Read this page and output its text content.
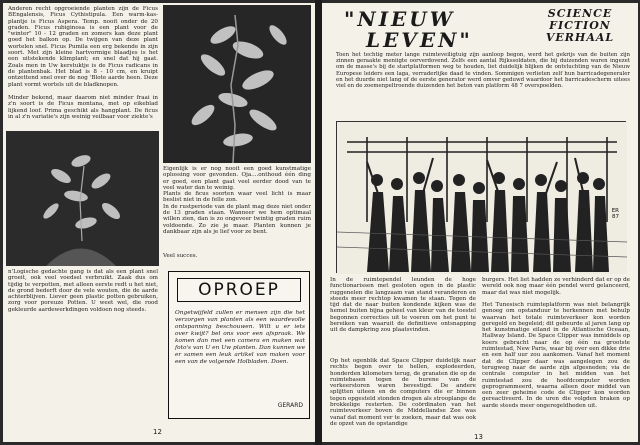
Anderen recht opgroeiende planten zijn de Ficus BEngalensis, Ficus Cythistipula. Een warm-kas-plantje is Ficus Aspera. Temp. nooit onder de 20 graden. Ficus rubiginosa is een plant voor de "winter" 10 - 12 graden en zomers kan deze plant goed het balkon op. De twijgen van deze plant wortelen snel. Ficus Pumila een erg bekende in zijn soort. Met zijn kleine hartvormige blaadjes is het een uitstekende klimplant; en snel dat hij gaat. Zoals men in Uw kerstuktje is de Ficus radicans in de plantenbak. Het blad is 8 - 10 cm, en kruipt ontzettend snel over de nog 'Blote aarde heen. Deze plant vormt wortels uit de bladknopen.
Minder bekend, maar daarom niet minder fraai in z'n soort is de Ficus montana, met op eikeblad lijkend loof. Prima geschikt als hangplant. De ficus in al z'n variatie's zijn weinig veilbaar voor ziekte's
n'Logische gedachte gang is dat als een plant snel groeit, ook veel voedsel verbruikt. Zaak dus om tijdig te verpotten, met alleen eerste redt u het niet, de grond bederft door de vele wouten, die de aarde achterblijven. Liever geen plastic potten gebruiken, zorg voor poreuze Potten. U weet wel, die rood gekleurde aardewerkdingen voldoen nog steeds.
Eigenlijk is er nog nooit een goed kunstmatige oplossing voor gevonden. Oja....onthoud één ding er goed, een plant gaat veel eerder dood van te veel water dan te weinig.
Plants de ficus soorten waar veel licht is maar beslist niet in de felle zon.
In de rustperiode van de plant mag deze niet onder de 13 graden staan. Wanneer we hem optimaal willen zien, dan is zo ongeveer twintig graden ruim voldoende. Zo zie je maar. Planten kunnen je dankbaar zijn als je lief voor ze bent.
Veel succes.
OPROEP
Ongetwijfeld zullen er mensen zijn die het verzorgen van planten als een waardevolle ontspanning beschouwen. Wilt u er iets over kwijt? bel ons voor een afspraak. We komen dan met een camera en maken wat foto's van U en Uw planten. Dan kunnen we er samen een leuk artikel van maken voor een van de volgende Holbladen. Doen.
GERARD
12
"NIEUW
LEVEN"
SCIENCE
FICTION
VERHAAL
Toen het techtig meter lange ruimteveiligtuig zijn aanloop begon, werd het gekrijs van de buiten zijn zinnen geraakte meniigte oorverdovend. Zelfs een aantal Rijkssoldaten, die bij duizenden waren ingezet om de masse's bij de startplatformen weg te houden, liet duidelijk blijken de ontvluchting van de Nieuw Europese leiders een laga, verraderlijke daad te vinden. Sommigen verlieten zelf hun barricadegeneraler en het duurde niet lang of de eerste generator werd omver geduwd waardoor het barricadescherm uitees viel en de zoemenpeltroende duizenden het beton van platform 48 7 overspoelden.
ER
87
In de ruimtependel leunden de hoge functionarissen met gesloten ogen in de plastic ruggenelen die langzaam van stand veranderen en steeds meer rechtop kwamen te staan. Tegen de tijd dat de naar buiten kondende kijken was de hemel buiten bijna geheel van kleur van de toestel begonnen correcties uit te voeren om het punt te bereiken van waaruit de definitieve ontsnapping uit de dampkring zou plaatsvinden.
Op het ogenblik dat Space Clipper duidelijk naar rechts begon over te hellen, explodeerden, honderden kilometers terug, de granaten die op de ruimtebasen tegen de burene van de verkeerstoren waren bevestigd. De andere splijtten uiteen en de computers die er binnen tegen opgesteld stonden drogen als strooplange de brokkelige resterten. De coördinaten van het ruimteverkeer boven de Middellandse Zee was vanaf dat moment ver te zoeken, maar dat was ook de opzet van de opstandige
burgers. Het liet hadden ze verhinderd dat er op de wereld ook nog maar één pendel werd gelanceerd, maar dat was niet mogelijk.
Het Tunesisch ruimteplatform was niet belangrijk genoeg om opstanduur te herkennen met behulp waarvan het totale ruimteverkeer kon worden geregeld en begeleid; dit gebeurde al jaren lang op het kunstmatige eiland in de Atlantische Oceaan, Hallway Island. De Space Clipper was inmiddels op koers gebracht naar de op één na grootste ruimtestad, New Paris, waar bij over een dikke drie en een half uur zou aankomen. Vanaf het moment dat de Clipper daar was aangelegen zou de terugweg naar de aarde zijn afgesneden; via de centrale computer in het midden van het ruimtestad zou de hoofdcomputer worden geprogrammeerd, waarna alleen door middel van een zeer geheime code de Clipper kon worden gereactiveerd. In de uren die volgden braken op aarde steeds meer ongeregeldheden uit.
13
